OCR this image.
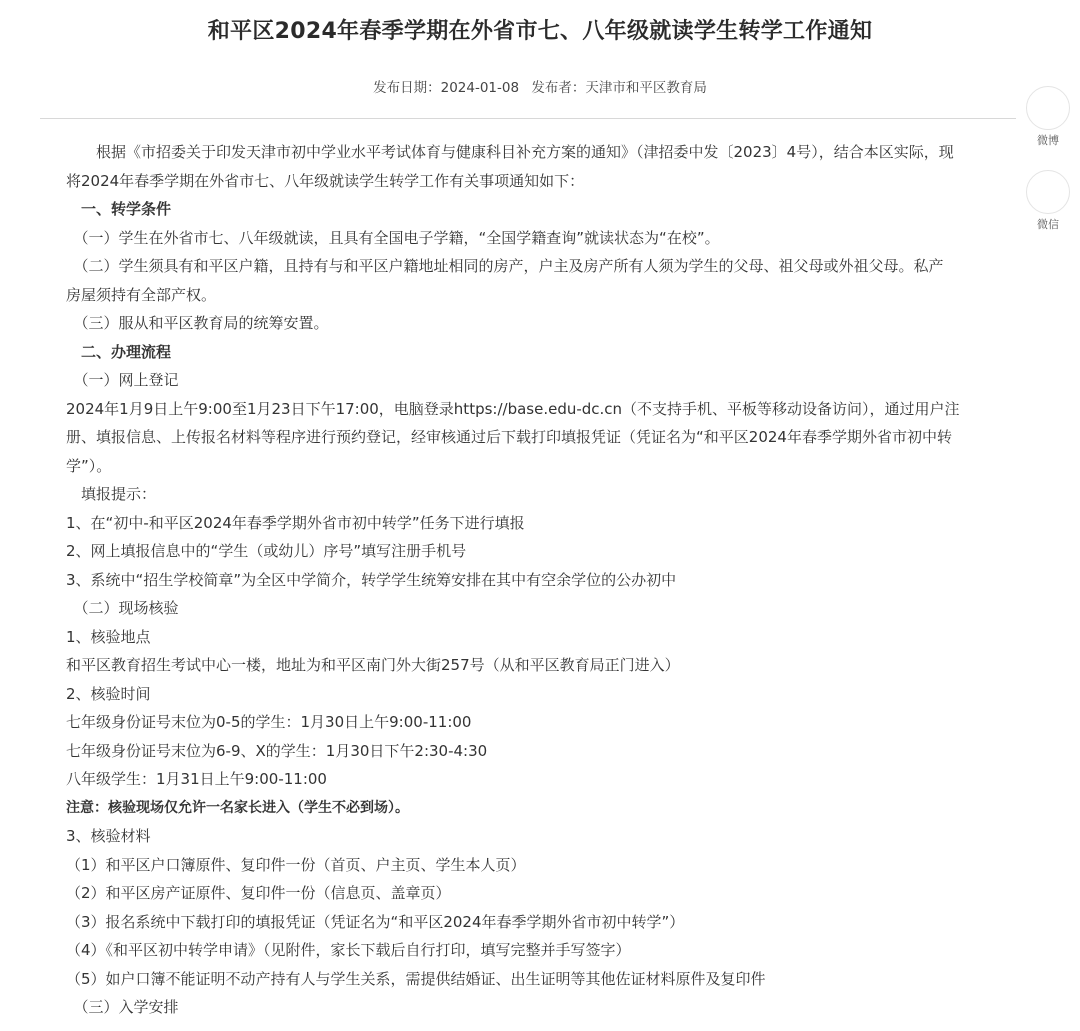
和平区2024年春季学期在外省市七、八年级就读学生转学工作通知
发布日期：2024-01-08 发布者：天津市和平区教育局
微博
微信

　　根据《市招委关于印发天津市初中学业水平考试体育与健康科目补充方案的通知》（津招委中发〔2023〕4号），结合本区实际，现

将2024年春季学期在外省市七、八年级就读学生转学工作有关事项通知如下：

　一、转学条件

　（一）学生在外省市七、八年级就读，且具有全国电子学籍，“全国学籍查询”就读状态为“在校”。

　（二）学生须具有和平区户籍，且持有与和平区户籍地址相同的房产，户主及房产所有人须为学生的父母、祖父母或外祖父母。私产

房屋须持有全部产权。

　（三）服从和平区教育局的统筹安置。

　二、办理流程

　（一）网上登记

2024年1月9日上午9:00至1月23日下午17:00，电脑登录https://base.edu-dc.cn（不支持手机、平板等移动设备访问），通过用户注

册、填报信息、上传报名材料等程序进行预约登记，经审核通过后下载打印填报凭证（凭证名为“和平区2024年春季学期外省市初中转

学”）。

　填报提示：

1、在“初中-和平区2024年春季学期外省市初中转学”任务下进行填报

2、网上填报信息中的“学生（或幼儿）序号”填写注册手机号

3、系统中“招生学校简章”为全区中学简介，转学学生统筹安排在其中有空余学位的公办初中

　（二）现场核验

1、核验地点

和平区教育招生考试中心一楼，地址为和平区南门外大街257号（从和平区教育局正门进入）

2、核验时间

七年级身份证号末位为0-5的学生：1月30日上午9:00-11:00

七年级身份证号末位为6-9、X的学生：1月30日下午2:30-4:30

八年级学生：1月31日上午9:00-11:00

注意：核验现场仅允许一名家长进入（学生不必到场）。

3、核验材料

（1）和平区户口簿原件、复印件一份（首页、户主页、学生本人页）

（2）和平区房产证原件、复印件一份（信息页、盖章页）

（3）报名系统中下载打印的填报凭证（凭证名为“和平区2024年春季学期外省市初中转学”）

（4）《和平区初中转学申请》（见附件，家长下载后自行打印，填写完整并手写签字）

（5）如户口簿不能证明不动产持有人与学生关系，需提供结婚证、出生证明等其他佐证材料原件及复印件

　（三）入学安排
